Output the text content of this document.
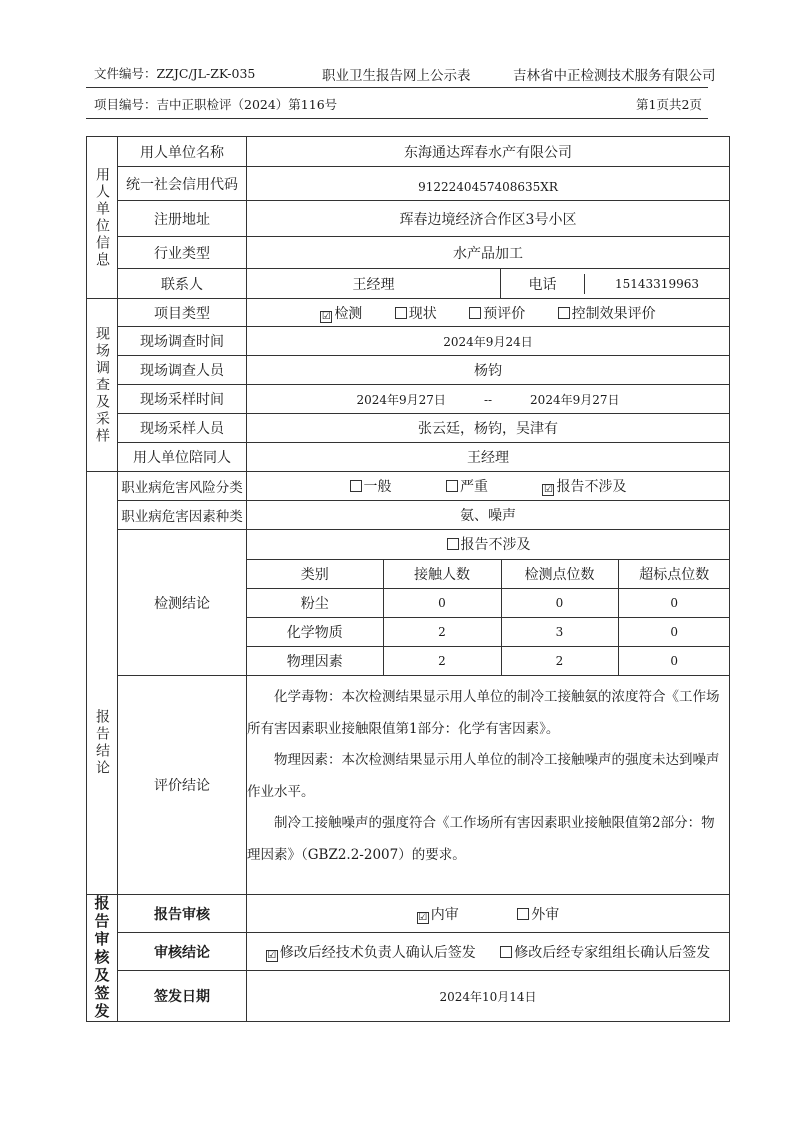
文件编号：ZZJC/JL-ZK-035	职业卫生报告网上公示表	吉林省中正检测技术服务有限公司
项目编号：吉中正职检评（2024）第116号	第1页共2页
用人单位信息
	用人单位名称	东海通达珲春水产有限公司
统一社会信用代码	9122240457408635XR
注册地址	珲春边境经济合作区3号小区
行业类型	水产品加工
联系人	王经理	电话	15143319963

现场调查及采样
	项目类型	☑ 检测	现状	预评价	控制效果评价
现场调查时间	2024年9月24日
现场调查人员	杨钧
现场采样时间	2024年9月27日	--	2024年9月27日
现场采样人员	张云廷，杨钧，吴津有
用人单位陪同人	王经理

报告结论
	职业病危害风险分类	一般	严重	☑ 报告不涉及
职业病危害因素种类	氨、噪声
检测结论	
报告不涉及
类别	接触人数	检测点位数	超标点位数
粉尘	0	0	0
化学物质	2	3	0
物理因素	2	2	0

评价结论	

化学毒物：本次检测结果显示用人单位的制冷工接触氨的浓度符合《工作场所有害因素职业接触限值第1部分：化学有害因素》。

物理因素：本次检测结果显示用人单位的制冷工接触噪声的强度未达到噪声作业水平。

制冷工接触噪声的强度符合《工作场所有害因素职业接触限值第2部分：物理因素》（GBZ2.2-2007）的要求。

报告审核及签发	报告审核	☑ 内审	外审
审核结论	☑ 修改后经技术负责人确认后签发	修改后经专家组组长确认后签发
签发日期	2024年10月14日
